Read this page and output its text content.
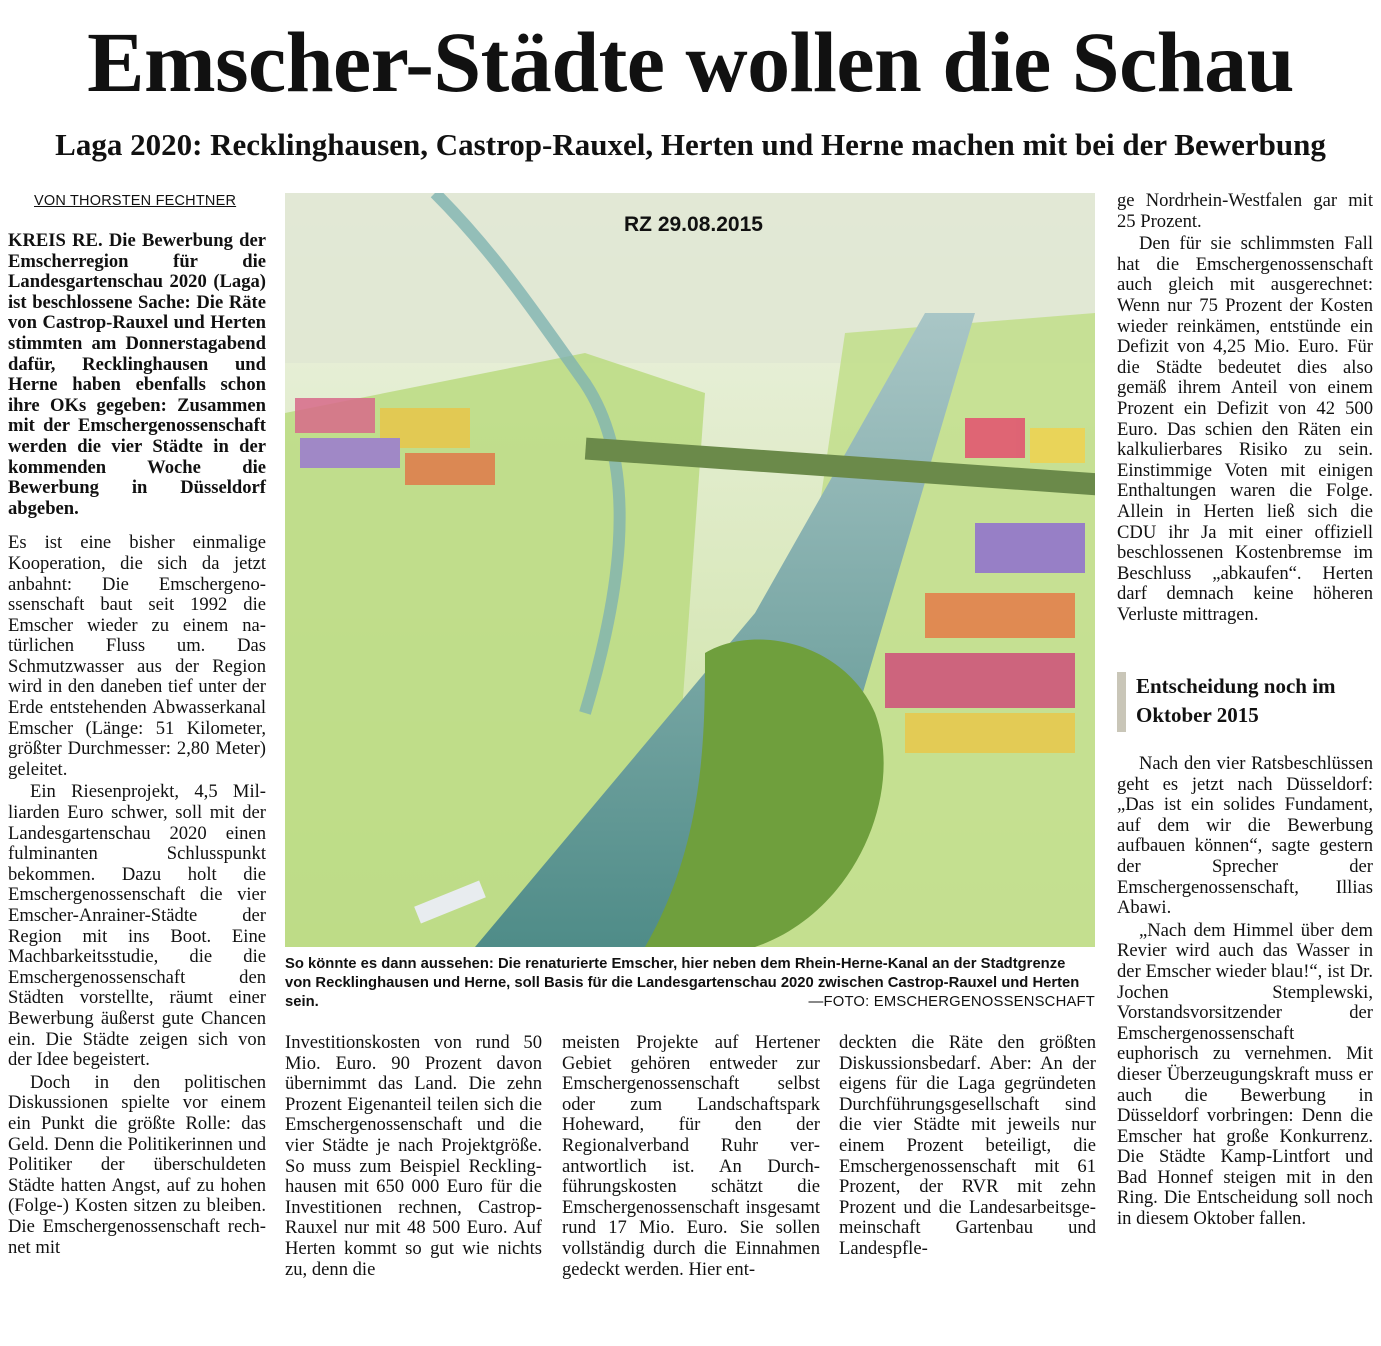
Emscher-Städte wollen die Schau
Laga 2020: Recklinghausen, Castrop-Rauxel, Herten und Herne machen mit bei der Bewerbung
VON THORSTEN FECHTNER

KREIS RE. Die Bewerbung der Emscherregion für die Landesgartenschau 2020 (Laga) ist beschlossene Sache: Die Räte von Castrop-Rauxel und Herten stimmten am Donnerstagabend dafür, Recklinghausen und Herne haben ebenfalls schon ihre OKs gegeben: Zusammen mit der Emschergenossenschaft werden die vier Städte in der kommenden Woche die Bewerbung in Düsseldorf abgeben.

Es ist eine bisher einmalige Kooperation, die sich da jetzt anbahnt: Die Emschergenossenschaft baut seit 1992 die Emscher wieder zu einem natürlichen Fluss um. Das Schmutzwasser aus der Region wird in den daneben tief unter der Erde entstehenden Abwasserkanal Emscher (Länge: 51 Kilometer, größter Durchmesser: 2,80 Meter) geleitet.

Ein Riesenprojekt, 4,5 Milliarden Euro schwer, soll mit der Landesgartenschau 2020 einen fulminanten Schlusspunkt bekommen. Dazu holt die Emschergenossenschaft die vier Emscher-Anrainer-Städte der Region mit ins Boot. Eine Machbarkeitsstudie, die die Emschergenossenschaft den Städten vorstellte, räumt einer Bewerbung äußerst gute Chancen ein. Die Städte zeigen sich von der Idee begeistert.

Doch in den politischen Diskussionen spielte vor einem ein Punkt die größte Rolle: das Geld. Denn die Politikerinnen und Politiker der überschuldeten Städte hatten Angst, auf zu hohen (Folge-) Kosten sitzen zu bleiben. Die Emschergenossenschaft rechnet mit

RZ 29.08.2015
So könnte es dann aussehen: Die renaturierte Emscher, hier neben dem Rhein-Herne-Kanal an der Stadtgrenze von Recklinghausen und Herne, soll Basis für die Landesgartenschau 2020 zwischen Castrop-Rauxel und Herten sein.	—FOTO: EMSCHERGENOSSENSCHAFT

Investitionskosten von rund 50 Mio. Euro. 90 Prozent davon übernimmt das Land. Die zehn Prozent Eigenanteil teilen sich die Emschergenossenschaft und die vier Städte je nach Projektgröße. So muss zum Beispiel Recklinghausen mit 650 000 Euro für die Investitionen rechnen, Castrop-Rauxel nur mit 48 500 Euro. Auf Herten kommt so gut wie nichts zu, denn die

meisten Projekte auf Hertener Gebiet gehören entweder zur Emschergenossenschaft selbst oder zum Landschaftspark Hoheward, für den der Regionalverband Ruhr verantwortlich ist. An Durchführungskosten schätzt die Emschergenossenschaft insgesamt rund 17 Mio. Euro. Sie sollen vollständig durch die Einnahmen gedeckt werden. Hier ent-

deckten die Räte den größten Diskussionsbedarf. Aber: An der eigens für die Laga gegründeten Durchführungsgesellschaft sind die vier Städte mit jeweils nur einem Prozent beteiligt, die Emschergenossenschaft mit 61 Prozent, der RVR mit zehn Prozent und die Landesarbeitsgemeinschaft Gartenbau und Landespfle-

ge Nordrhein-Westfalen gar mit 25 Prozent.

Den für sie schlimmsten Fall hat die Emschergenossenschaft auch gleich mit ausgerechnet: Wenn nur 75 Prozent der Kosten wieder reinkämen, entstünde ein Defizit von 4,25 Mio. Euro. Für die Städte bedeutet dies also gemäß ihrem Anteil von einem Prozent ein Defizit von 42 500 Euro. Das schien den Räten ein kalkulierbares Risiko zu sein. Einstimmige Voten mit einigen Enthaltungen waren die Folge. Allein in Herten ließ sich die CDU ihr Ja mit einer offiziell beschlossenen Kostenbremse im Beschluss „abkaufen“. Herten darf demnach keine höheren Verluste mittragen.

Entscheidung noch im Oktober 2015

Nach den vier Ratsbeschlüssen geht es jetzt nach Düsseldorf: „Das ist ein solides Fundament, auf dem wir die Bewerbung aufbauen können“, sagte gestern der Sprecher der Emschergenossenschaft, Illias Abawi.

„Nach dem Himmel über dem Revier wird auch das Wasser in der Emscher wieder blau!“, ist Dr. Jochen Stemplewski, Vorstandsvorsitzender der Emschergenossenschaft euphorisch zu vernehmen. Mit dieser Überzeugungskraft muss er auch die Bewerbung in Düsseldorf vorbringen: Denn die Emscher hat große Konkurrenz. Die Städte Kamp-Lintfort und Bad Honnef steigen mit in den Ring. Die Entscheidung soll noch in diesem Oktober fallen.
